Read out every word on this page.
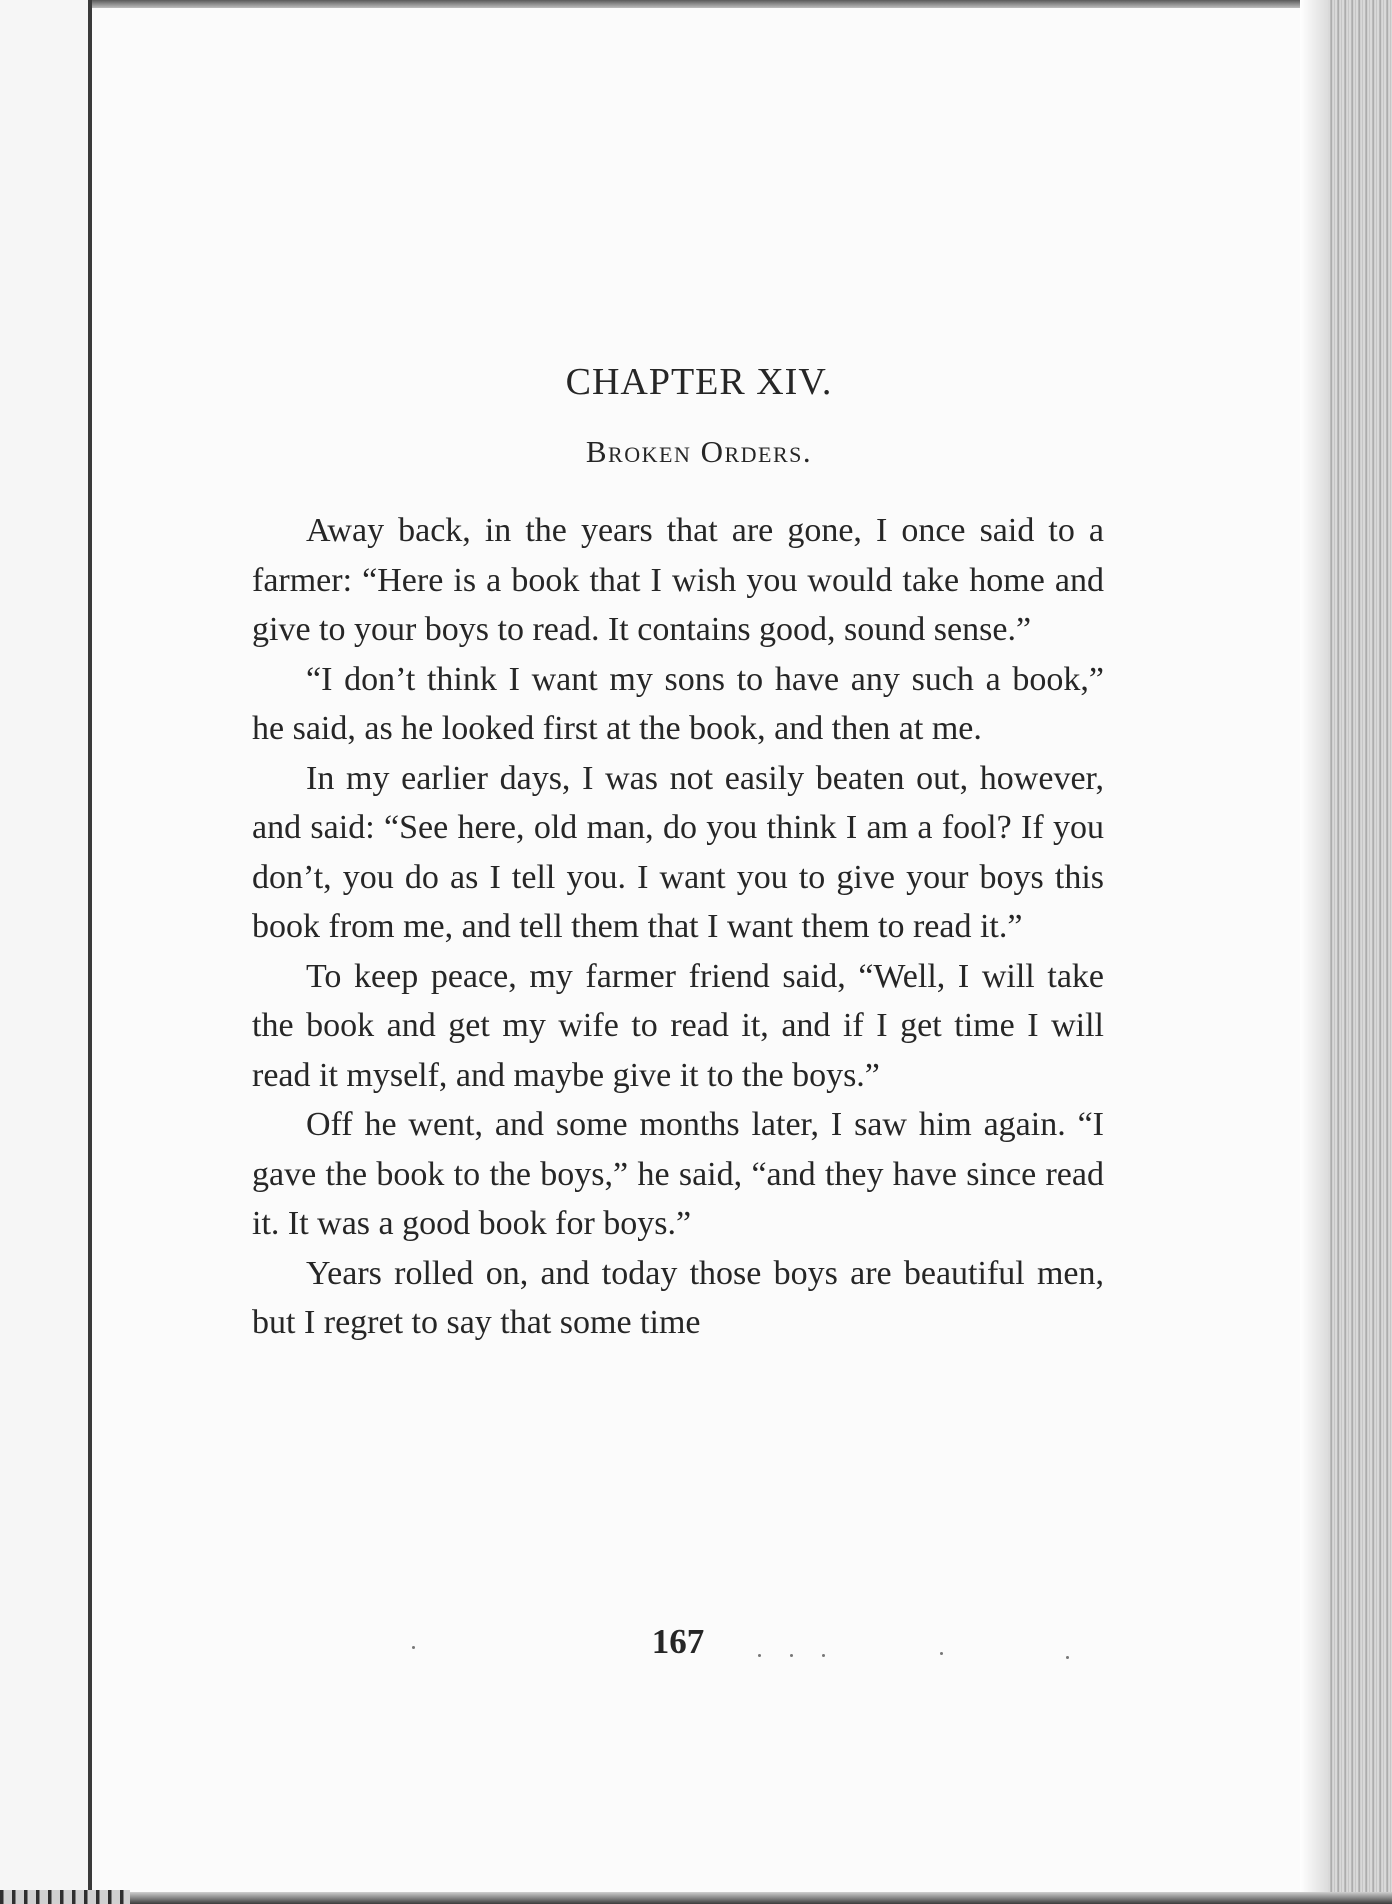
CHAPTER XIV.
Broken Orders.

Away back, in the years that are gone, I once said to a farmer: “Here is a book that I wish you would take home and give to your boys to read. It contains good, sound sense.”

“I don’t think I want my sons to have any such a book,” he said, as he looked first at the book, and then at me.

In my earlier days, I was not easily beaten out, however, and said: “See here, old man, do you think I am a fool? If you don’t, you do as I tell you. I want you to give your boys this book from me, and tell them that I want them to read it.”

To keep peace, my farmer friend said, “Well, I will take the book and get my wife to read it, and if I get time I will read it myself, and maybe give it to the boys.”

Off he went, and some months later, I saw him again. “I gave the book to the boys,” he said, “and they have since read it. It was a good book for boys.”

Years rolled on, and today those boys are beautiful men, but I regret to say that some time

167
